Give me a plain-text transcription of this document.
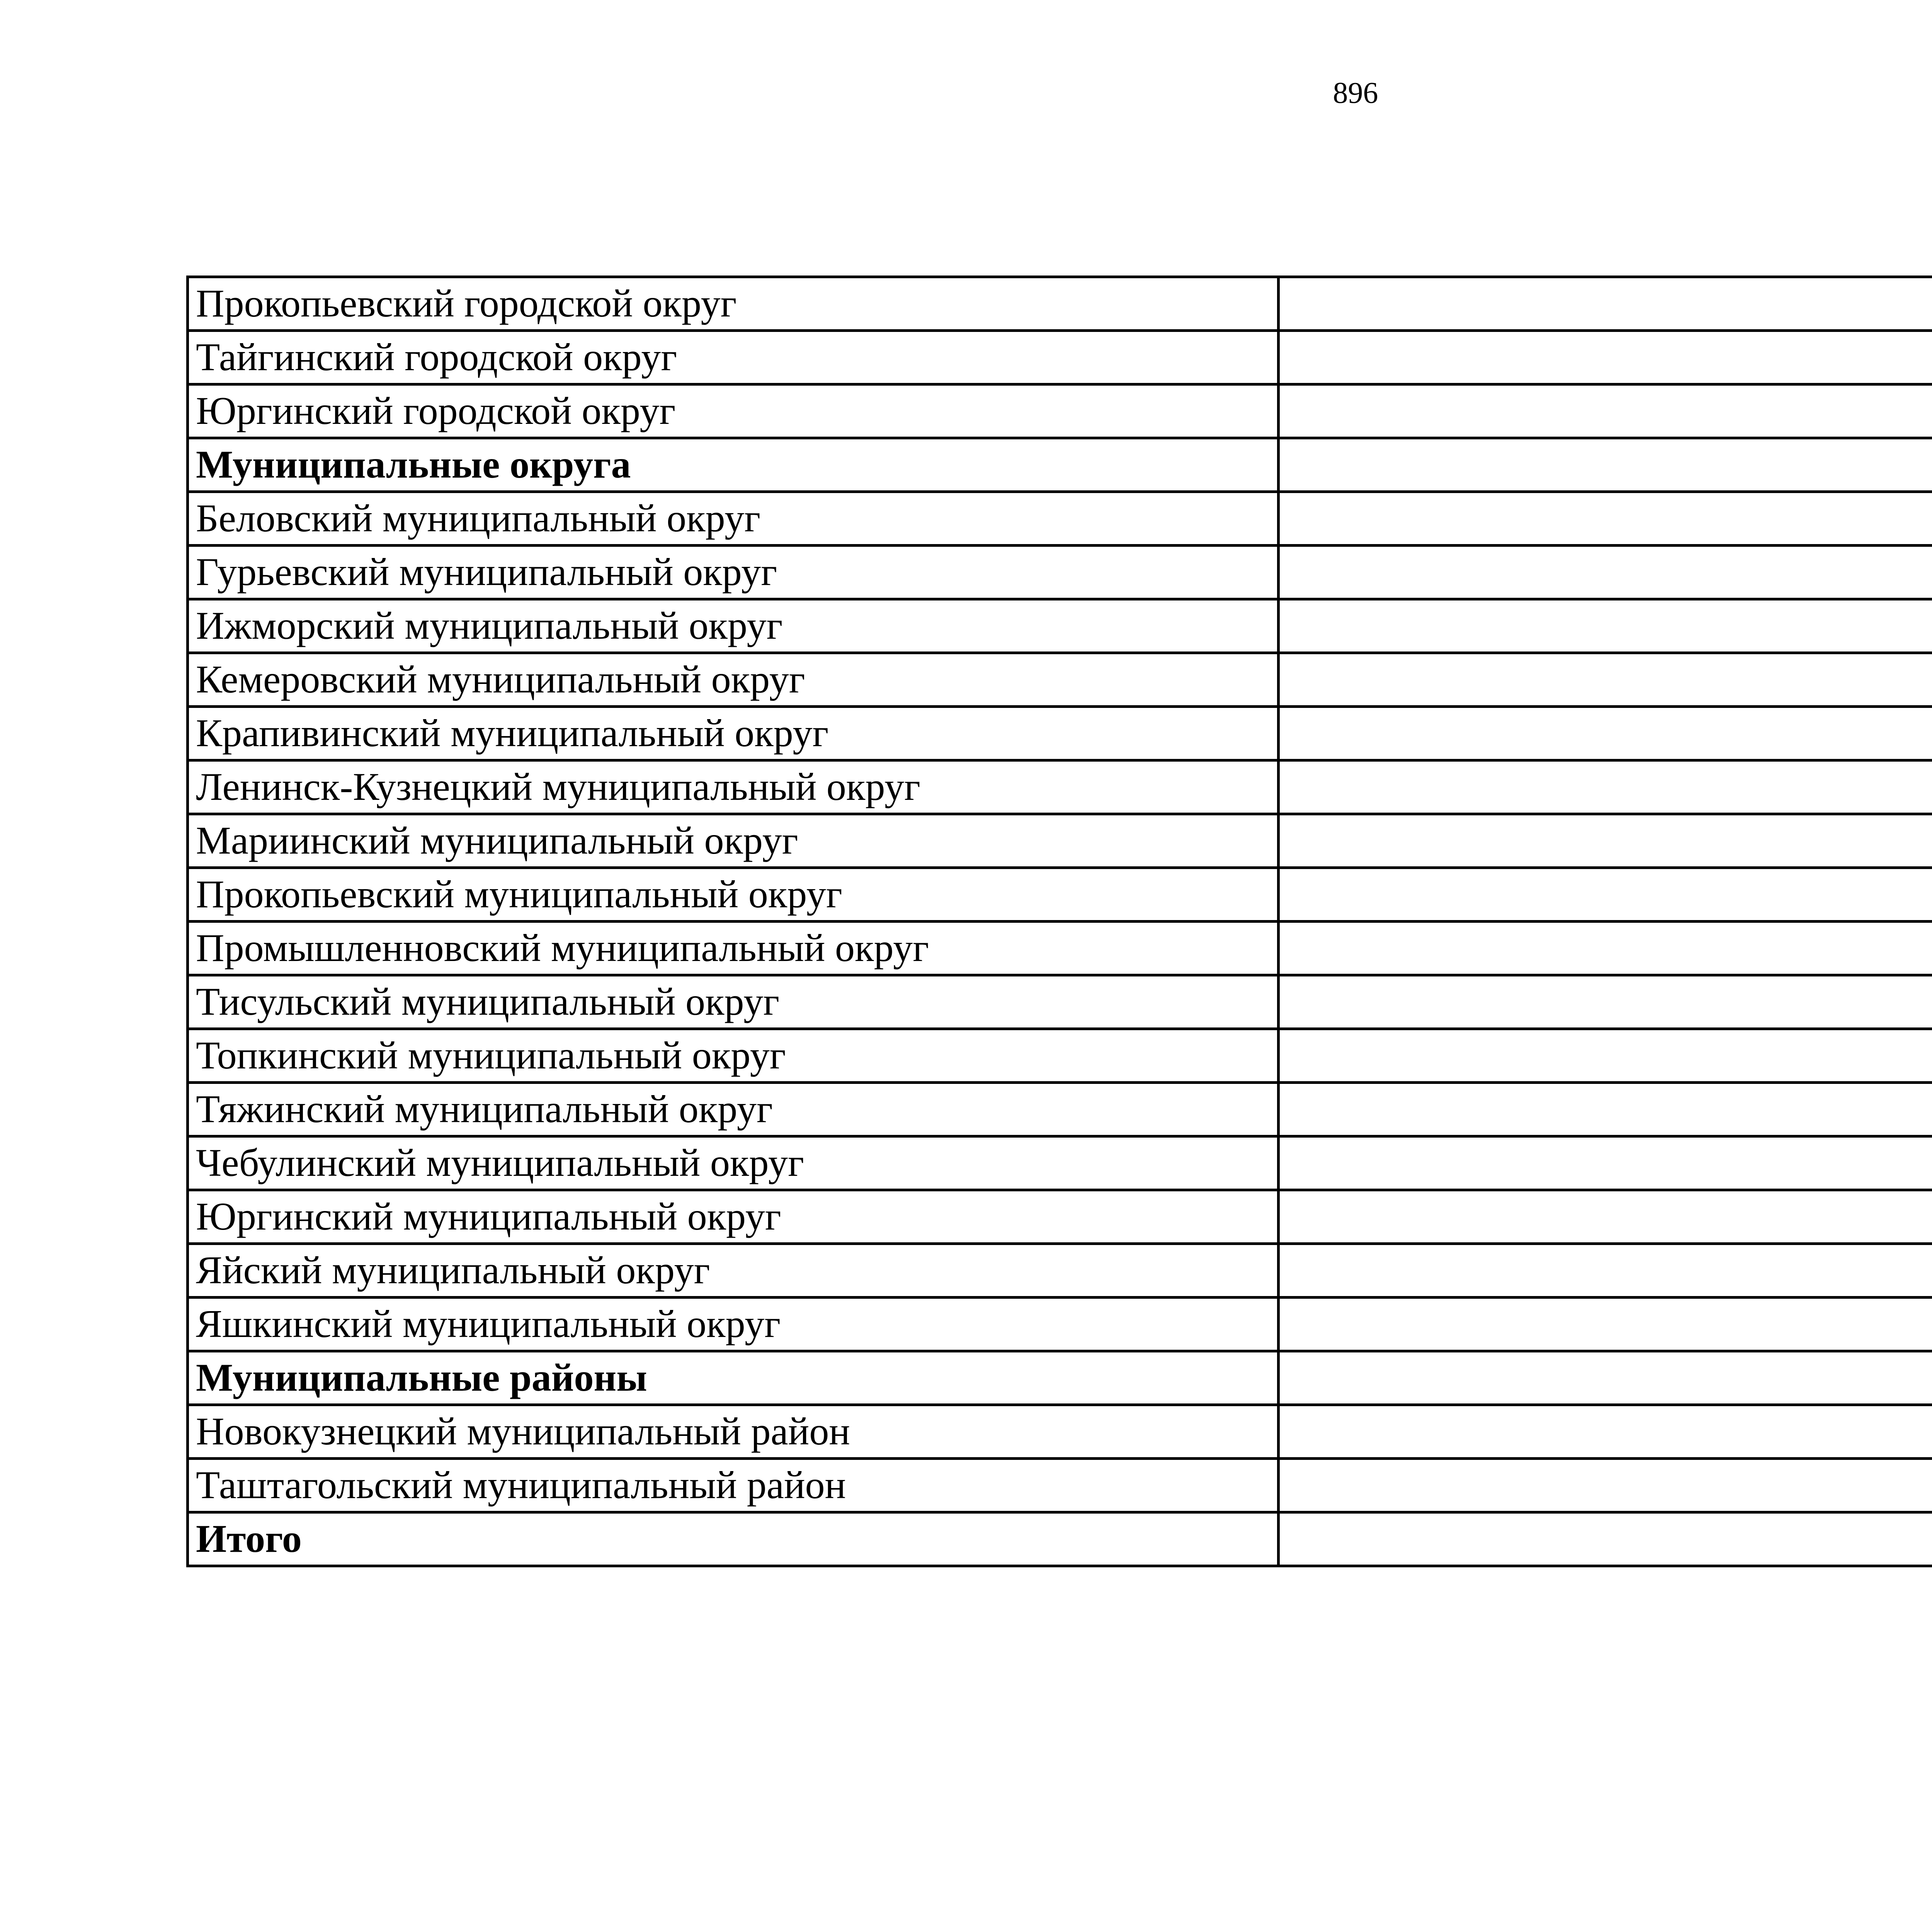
896
Прокопьевский городской округ	
Тайгинский городской округ	
Юргинский городской округ	
Муниципальные округа	
Беловский муниципальный округ	
Гурьевский муниципальный округ	
Ижморский муниципальный округ	
Кемеровский муниципальный округ	
Крапивинский муниципальный округ	
Ленинск-Кузнецкий муниципальный округ	
Мариинский муниципальный округ	
Прокопьевский муниципальный округ	
Промышленновский муниципальный округ	
Тисульский муниципальный округ	
Топкинский муниципальный округ	
Тяжинский муниципальный округ	
Чебулинский муниципальный округ	
Юргинский муниципальный округ	
Яйский муниципальный округ	
Яшкинский муниципальный округ	
Муниципальные районы	
Новокузнецкий муниципальный район	
Таштагольский муниципальный район	
Итого	
